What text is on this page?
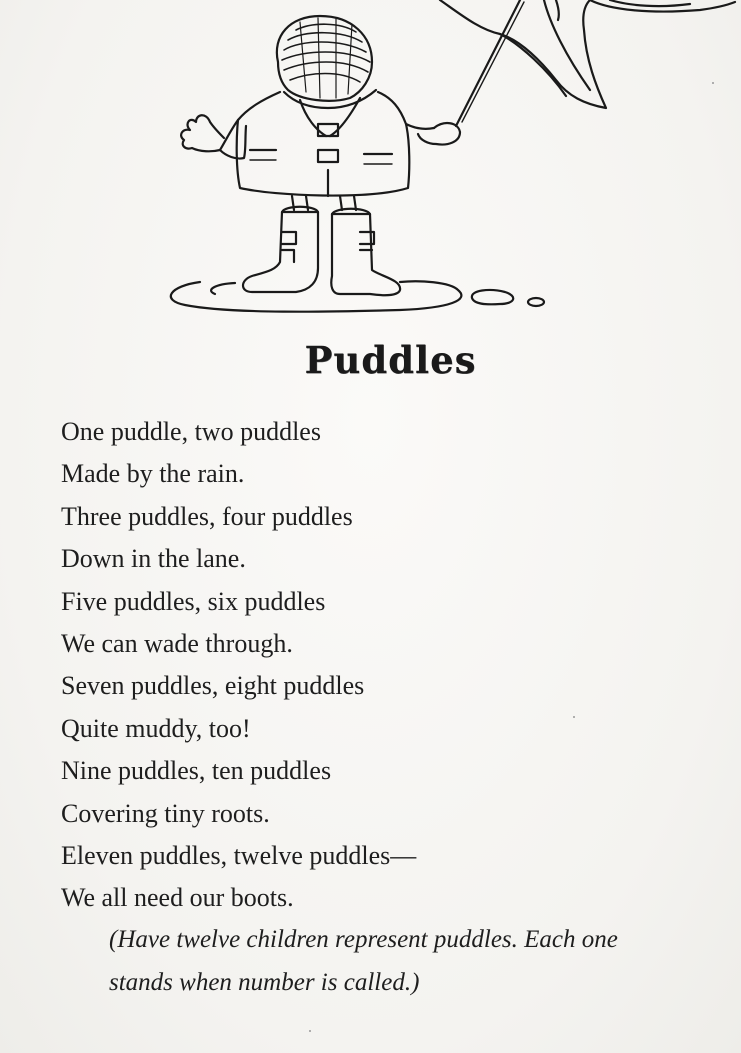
Puddles
One puddle, two puddles
Made by the rain.
Three puddles, four puddles
Down in the lane.
Five puddles, six puddles
We can wade through.
Seven puddles, eight puddles
Quite muddy, too!
Nine puddles, ten puddles
Covering tiny roots.
Eleven puddles, twelve puddles—
We all need our boots.
(Have twelve children represent puddles. Each one
stands when number is called.)
